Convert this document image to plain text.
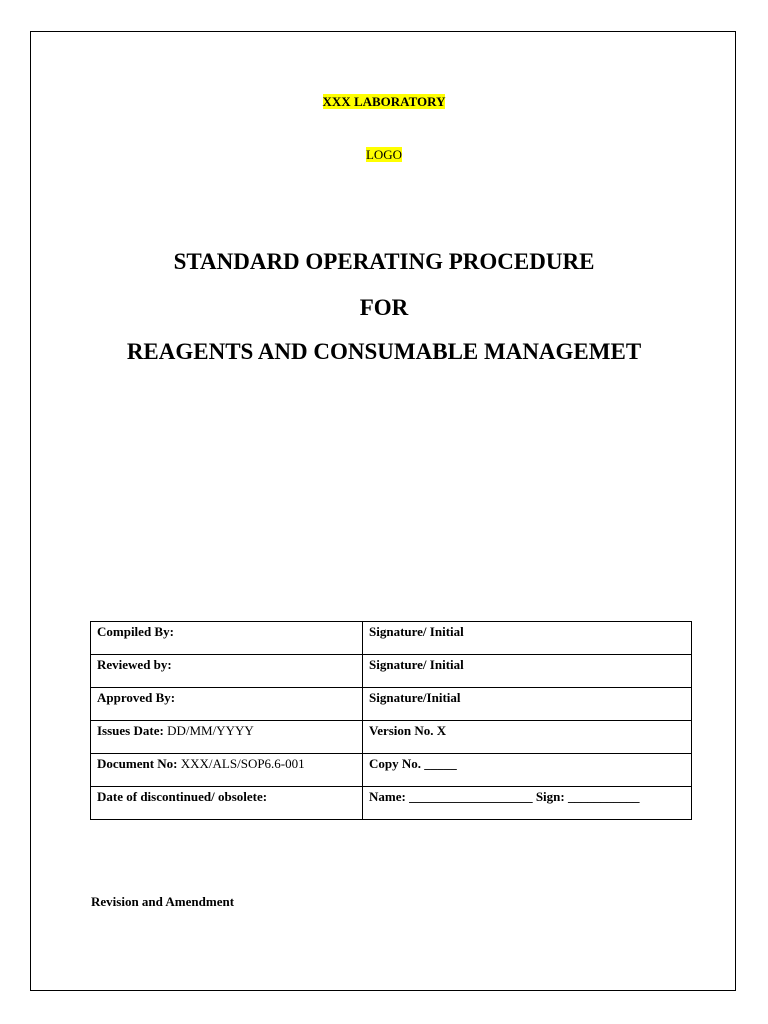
XXX LABORATORY
LOGO
STANDARD OPERATING PROCEDURE
FOR
REAGENTS AND CONSUMABLE MANAGEMET
Compiled By:	Signature/ Initial
Reviewed by:	Signature/ Initial
Approved By:	Signature/Initial
Issues Date: DD/MM/YYYY	Version No. X
Document No: XXX/ALS/SOP6.6-001	Copy No. _____
Date of discontinued/ obsolete:	Name: ___________________ Sign: ___________
Revision and Amendment
